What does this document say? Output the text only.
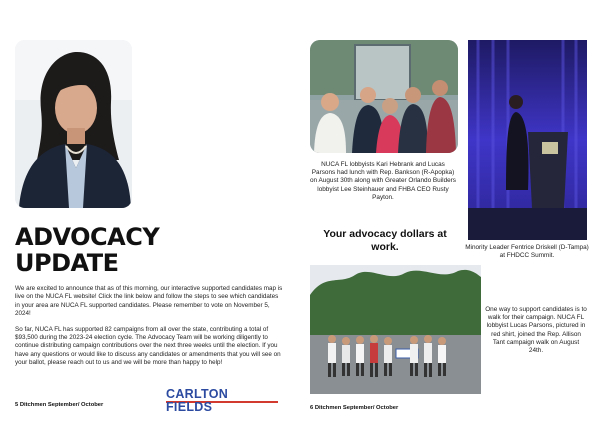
ADVOCACY
UPDATE

We are excited to announce that as of this morning, our interactive supported candidates map is live on the NUCA FL website! Click the link below and follow the steps to see which candidates in your area are NUCA FL supported candidates. Please remember to vote on November 5, 2024!

So far, NUCA FL has supported 82 campaigns from all over the state, contributing a total of $93,500 during the 2023-24 election cycle. The Advocacy Team will be working diligently to continue distributing campaign contributions over the next three weeks until the election. If you have any questions or would like to discuss any candidates or amendments that you will see on your ballot, please reach out to us and we will be more than happy to help!

5 Ditchmen September/ October
CARLTON
FIELDS
NUCA FL lobbyists Kari Hebrank and Lucas Parsons had lunch with Rep. Bankson (R-Apopka) on August 30th along with Greater Orlando Builders lobbyist Lee Steinhauer and FHBA CEO Rusty Payton.
Your advocacy dollars at work.	Minority Leader Fentrice Driskell (D-Tampa) at FHDCC Summit.
One way to support candidates is to walk for their campaign. NUCA FL lobbyist Lucas Parsons, pictured in red shirt, joined the Rep. Allison Tant campaign walk on August 24th.
6 Ditchmen September/ October
